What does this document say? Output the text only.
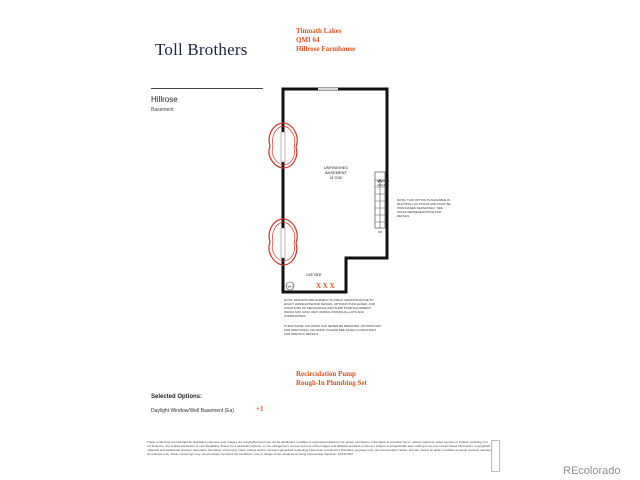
Toll Brothers
Timnath Lakes
QMI 64
Hillrose Farmhouse
Hillrose
Basement
UNFINISHED
BASEMENT
41'X26'
SLOPED
CEILING
UP
14'8"X8'8"
WH	X X X
NOTE: THIS OPTION IS AVAILABLE IN MULTIPLE LOCATIONS AND MUST BE PURCHASED SEPARATELY. SEE SALES REPRESENTATIVE FOR DETAILS.
NOTE: DESIGNS ARE SUBJECT TO FIELD VARIATIONS DUE TO EXACT HOME EXTERIOR DESIGN, OPTIONS PURCHASED, AND LOCATIONS OF MECHANICAL AND SUMP PUMP EQUIPMENT, WHICH MAY ALSO VARY AMONG INDIVIDUAL LOTS AND COMMUNITIES.
STRUCTURAL COLUMNS CAN NEVER BE REMOVED. OPTIONS MAY ADD ADDITIONAL COLUMNS. PLEASE SEE SALES CONSULTANT FOR SPECIFIC DETAILS.
Recirculation Pump
Rough-In Plumbing Set
Selected Options:
Daylight Window/Well Basement (Ea)	+1
These renderings are intended for illustrative purposes only. Images are copyrighted and may not be distributed, modified or reproduced without prior written permission. Information is provided "as is", without warranty, either express or implied, including, but not limited to, the implied warranties of merchantability, fitness for a particular purpose, or non-infringement. Access and use of the images and affiliated products or lists are subject to all applicable laws relating to the use of web-based information, copyrighted materials and intellectual property. Site plans, floorplans, community maps, photos and/or computer-generated renderings have been provided for illustrative purposes only, are conceptual in nature, and are merely an artist's rendition of actual products intended for example only. These renderings may not accurately represent the conditions, size or design of the actual items being represented. Revision: 12/13/2023
REcolorado
